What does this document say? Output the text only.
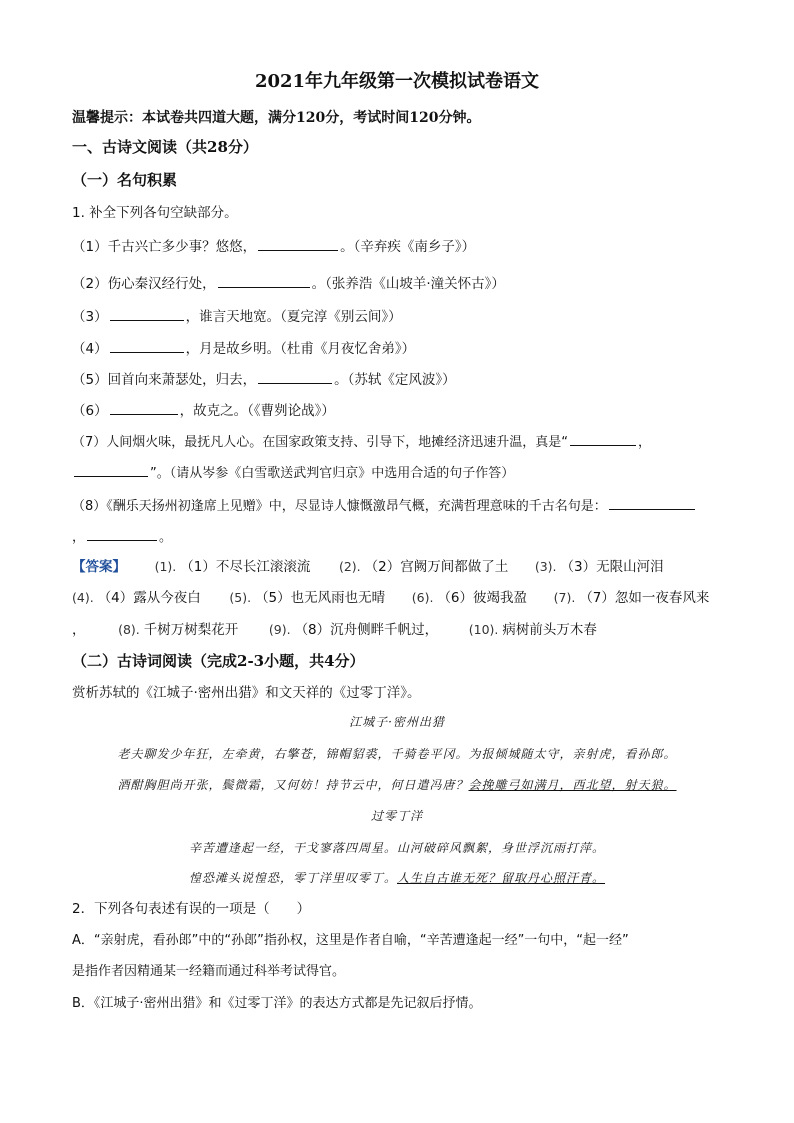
2021年九年级第一次模拟试卷语文
温馨提示：本试卷共四道大题，满分120分，考试时间120分钟。
一、古诗文阅读（共28分）
（一）名句积累
1. 补全下列各句空缺部分。
（1）千古兴亡多少事？悠悠，	。（辛弃疾《南乡子》）
（2）伤心秦汉经行处，	。（张养浩《山坡羊·潼关怀古》）
（3）	，谁言天地宽。（夏完淳《别云间》）
（4）	，月是故乡明。（杜甫《月夜忆舍弟》）
（5）回首向来萧瑟处，归去，	。（苏轼《定风波》）
（6）	，故克之。（《曹刿论战》）
（7）人间烟火味，最抚凡人心。在国家政策支持、引导下，地摊经济迅速升温，真是“	，
”。（请从岑参《白雪歌送武判官归京》中选用合适的句子作答）
（8）《酬乐天扬州初逢席上见赠》中，尽显诗人慷慨激昂气概，充满哲理意味的千古名句是：
，	。
【答案】 (1). （1）不尽长江滚滚流 (2). （2）宫阙万间都做了土 (3). （3）无限山河泪
(4). （4）露从今夜白 (5). （5）也无风雨也无晴 (6). （6）彼竭我盈 (7). （7）忽如一夜春风来
，	(8). 千树万树梨花开 (9). （8）沉舟侧畔千帆过， (10). 病树前头万木春
（二）古诗词阅读（完成2-3小题，共4分）
赏析苏轼的《江城子·密州出猎》和文天祥的《过零丁洋》。
江城子·密州出猎
老夫聊发少年狂，左牵黄，右擎苍，锦帽貂裘，千骑卷平冈。为报倾城随太守，亲射虎，看孙郎。
酒酣胸胆尚开张，鬓微霜，又何妨！持节云中，何日遣冯唐？会挽雕弓如满月，西北望，射天狼。
过零丁洋
辛苦遭逢起一经，干戈寥落四周星。山河破碎风飘絮，身世浮沉雨打萍。
惶恐滩头说惶恐，零丁洋里叹零丁。人生自古谁无死？留取丹心照汗青。
2．下列各句表述有误的一项是（　　）
A．“亲射虎，看孙郎”中的“孙郎”指孙权，这里是作者自喻，“辛苦遭逢起一经”一句中，“起一经”
是指作者因精通某一经籍而通过科举考试得官。
B．《江城子·密州出猎》和《过零丁洋》的表达方式都是先记叙后抒情。
